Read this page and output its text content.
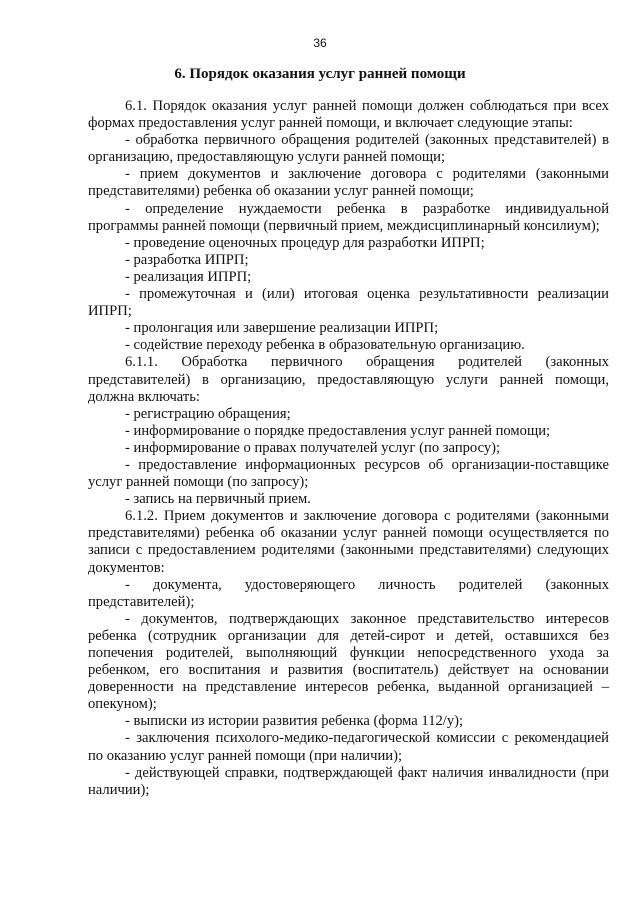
36
6. Порядок оказания услуг ранней помощи

6.1. Порядок оказания услуг ранней помощи должен соблюдаться при всех формах предоставления услуг ранней помощи, и включает следующие этапы:

- обработка первичного обращения родителей (законных представителей) в организацию, предоставляющую услуги ранней помощи;

- прием документов и заключение договора с родителями (законными представителями) ребенка об оказании услуг ранней помощи;

- определение нуждаемости ребенка в разработке индивидуальной программы ранней помощи (первичный прием, междисциплинарный консилиум);

- проведение оценочных процедур для разработки ИПРП;

- разработка ИПРП;

- реализация ИПРП;

- промежуточная и (или) итоговая оценка результативности реализации ИПРП;

- пролонгация или завершение реализации ИПРП;

- содействие переходу ребенка в образовательную организацию.

6.1.1. Обработка первичного обращения родителей (законных представителей) в организацию, предоставляющую услуги ранней помощи, должна включать:

- регистрацию обращения;

- информирование о порядке предоставления услуг ранней помощи;

- информирование о правах получателей услуг (по запросу);

- предоставление информационных ресурсов об организации-поставщике услуг ранней помощи (по запросу);

- запись на первичный прием.

6.1.2. Прием документов и заключение договора с родителями (законными представителями) ребенка об оказании услуг ранней помощи осуществляется по записи с предоставлением родителями (законными представителями) следующих документов:

- документа, удостоверяющего личность родителей (законных представителей);

- документов, подтверждающих законное представительство интересов ребенка (сотрудник организации для детей-сирот и детей, оставшихся без попечения родителей, выполняющий функции непосредственного ухода за ребенком, его воспитания и развития (воспитатель) действует на основании доверенности на представление интересов ребенка, выданной организацией – опекуном);

- выписки из истории развития ребенка (форма 112/у);

- заключения психолого-медико-педагогической комиссии с рекомендацией по оказанию услуг ранней помощи (при наличии);

- действующей справки, подтверждающей факт наличия инвалидности (при наличии);
